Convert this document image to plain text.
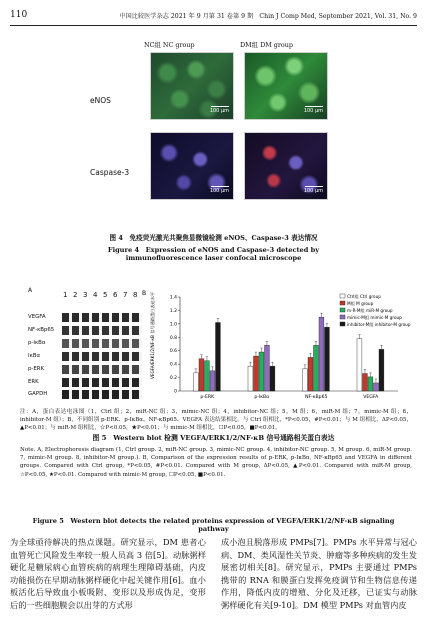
110	中国比较医学杂志 2021 年 9 月第 31 卷第 9 期　Chin J Comp Med, September 2021, Vol. 31, No. 9
NC组 NC group	DM组 DM group
eNOS
Caspase-3
100 μm	100 μm
100 μm	100 μm
图 4　免疫荧光激光共聚焦显微镜检测 eNOS、Caspase-3 表达情况
Figure 4　Expression of eNOS and Caspase-3 detected by
immunofluorescence laser confocal microscope
A
1 2 3 4 5 6 7 8
VEGFA
NF-κBp65
p-IκBα
IκBα
p-ERK
ERK
GAPDH
B VEGFA/ERK1/2/NF-κB 信号通路蛋白表达水平
0
0.2
0.4
0.6
0.8
1.0
1.2
1.4
p-ERK	p-IκBα	NF-κBp65	VEGFA
Ctrl组 Ctrl group
M组 M group
m-R-M组 miR-M group
mimic-M组 mimic-M group
inhibitor-M组 inhibitor-M group
注：A，蛋白表达电泳图（1，Ctrl 组；2，miR-NC 组；3，mimic-NC 组；4，inhibitor-NC 组；5，M 组；6，miR-M 组；7，mimic-M 组；8，inhibitor-M 组）；B，不同组别 p-ERK、p-IκBα、NF-κBp65、VEGFA 表达结果相比。与 Ctrl 组相比，*P<0.05，#P<0.01；与 M 组相比，ΔP<0.05，▲P<0.01；与 miR-M 组相比，☆P<0.05，★P<0.01；与 mimic-M 组相比，☐P<0.05，■P<0.01。
图 5　Western blot 检测 VEGFA/ERK1/2/NF-κB 信号通路相关蛋白表达
Note. A, Electrophoresis diagram (1, Ctrl group. 2, miR-NC group. 3, mimic-NC group. 4, inhibitor-NC group. 5, M group. 6, miR-M group. 7, mimic-M group. 8, inhibitor-M group.). B, Comparison of the expression results of p-ERK, p-IκBα, NF-κBp65 and VEGFA in different groups. Compared with Ctrl group, *P<0.05, #P<0.01. Compared with M group, ΔP<0.05, ▲P<0.01. Compared with miR-M group, ☆P<0.05, ★P<0.01. Compared with mimic-M group, ☐P<0.05, ■P<0.01.
Figure 5　Western blot detects the related proteins expression of VEGFA/ERK1/2/NF-κB signaling pathway
为全球亟待解决的热点课题。研究显示，DM 患者心血管死亡风险发生率较一般人员高 3 倍[5]。动脉粥样硬化是糖尿病心血管疾病的病理生理障碍基础，内皮功能损伤在早期动脉粥样硬化中起关键作用[6]。血小板活化后导致血小板吸附、变形以及形成伪足，变形后的一些细胞膜会以出芽的方式形
成小泡且脱落形成 PMPs[7]。PMPs 水平异常与冠心病、DM、类风湿性关节炎、肿瘤等多种疾病的发生发展密切相关[8]。研究显示，PMPs 主要通过 PMPs 携带的 RNA 和膜蛋白发挥免疫调节和生物信息传递作用，降低内皮的增殖、分化及迁移，已证实与动脉粥样硬化有关[9-10]。DM 模型 PMPs 对血管内皮
